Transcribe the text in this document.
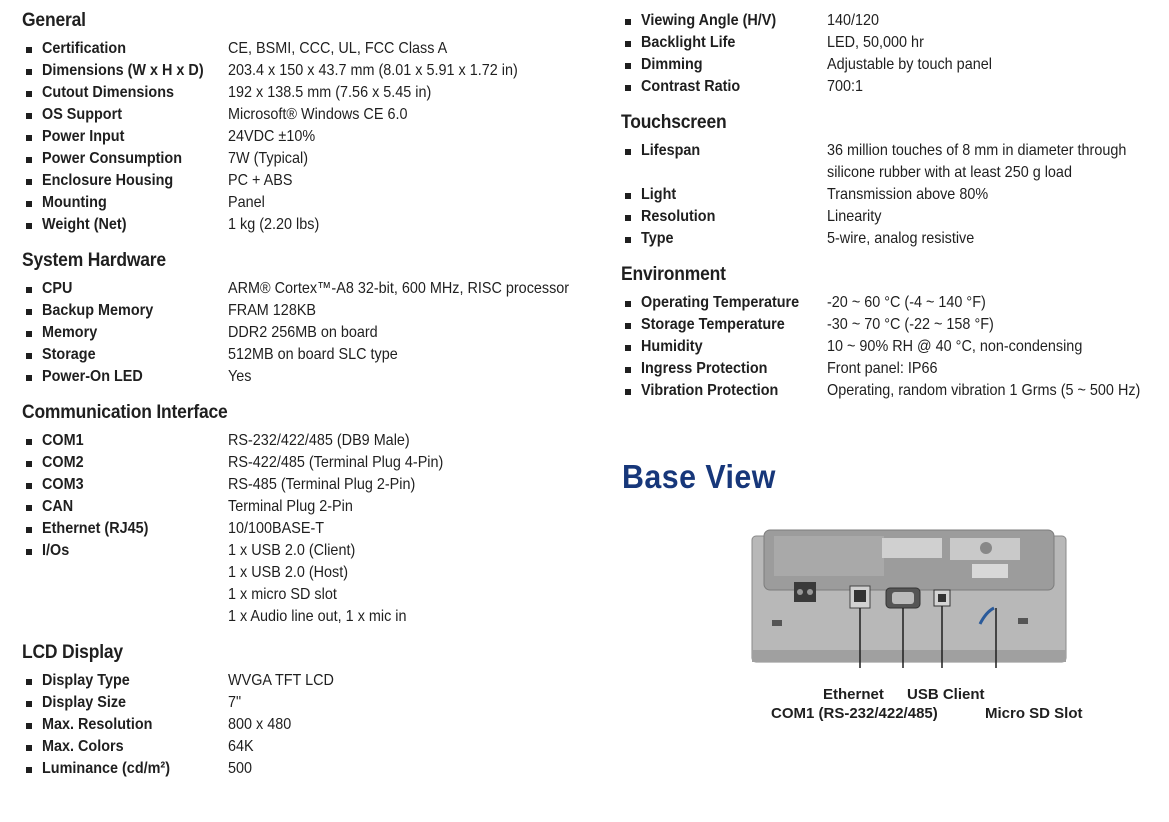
General
Certification	CE, BSMI, CCC, UL, FCC Class A
Dimensions (W x H x D)	203.4 x 150 x 43.7 mm (8.01 x 5.91 x 1.72 in)
Cutout Dimensions	192 x 138.5 mm (7.56 x 5.45 in)
OS Support	Microsoft® Windows CE 6.0
Power Input	24VDC ±10%
Power Consumption	7W (Typical)
Enclosure Housing	PC + ABS
Mounting	Panel
Weight (Net)	1 kg (2.20 lbs)
System Hardware
CPU	ARM® Cortex™-A8 32-bit, 600 MHz, RISC processor
Backup Memory	FRAM 128KB
Memory	DDR2 256MB on board
Storage	512MB on board SLC type
Power-On LED	Yes
Communication Interface
COM1	RS-232/422/485 (DB9 Male)
COM2	RS-422/485 (Terminal Plug 4-Pin)
COM3	RS-485 (Terminal Plug 2-Pin)
CAN	Terminal Plug 2-Pin
Ethernet (RJ45)	10/100BASE-T
I/Os	1 x USB 2.0 (Client)
1 x USB 2.0 (Host)
1 x micro SD slot
1 x Audio line out, 1 x mic in
LCD Display
Display Type	WVGA TFT LCD
Display Size	7"
Max. Resolution	800 x 480
Max. Colors	64K
Luminance (cd/m²)	500
Viewing Angle (H/V)	140/120
Backlight Life	LED, 50,000 hr
Dimming	Adjustable by touch panel
Contrast Ratio	700:1
Touchscreen
Lifespan	36 million touches of 8 mm in diameter through silicone rubber with at least 250 g load
Light	Transmission above 80%
Resolution	Linearity
Type	5-wire, analog resistive
Environment
Operating Temperature	-20 ~ 60 °C (-4 ~ 140 °F)
Storage Temperature	-30 ~ 70 °C (-22 ~ 158 °F)
Humidity	10 ~ 90% RH @ 40 °C, non-condensing
Ingress Protection	Front panel: IP66
Vibration Protection	Operating, random vibration 1 Grms (5 ~ 500 Hz)
Base View
Ethernet USB Client
COM1 (RS-232/422/485)	Micro SD Slot
